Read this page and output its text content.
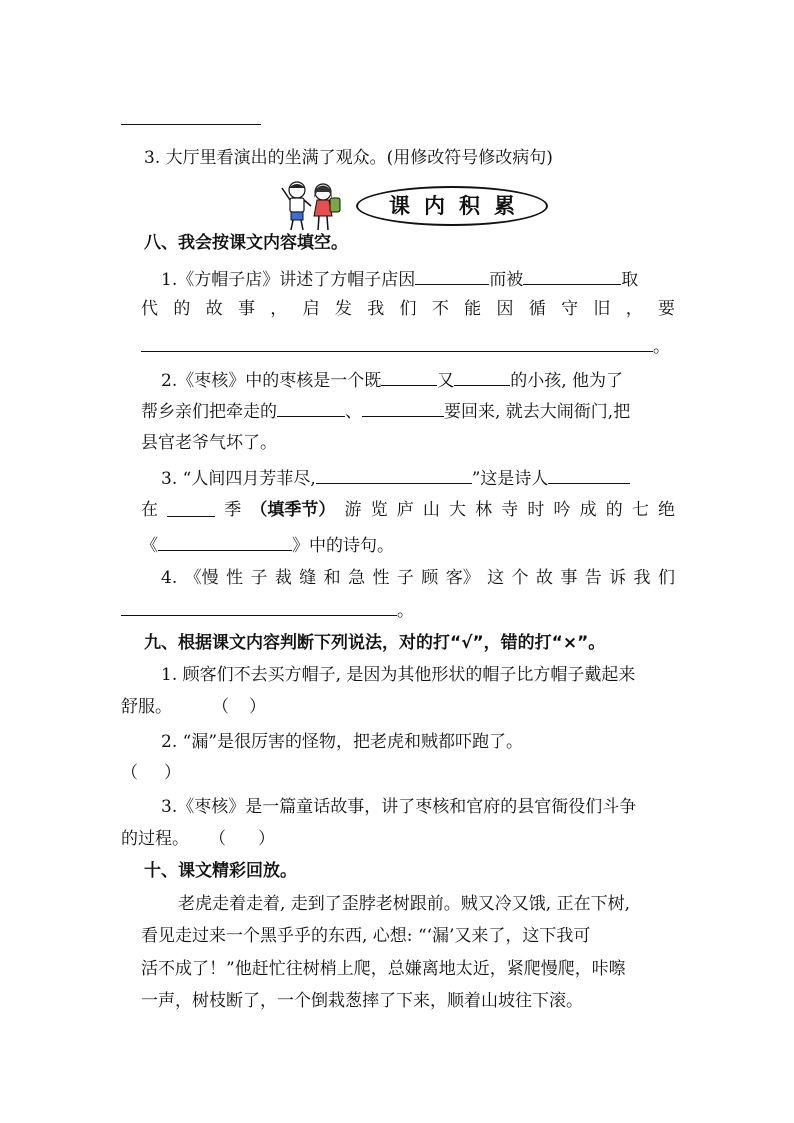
3. 大厅里看演出的坐满了观众。(用修改符号修改病句)
课内积累
八、我会按课文内容填空。
1.《方帽子店》讲述了方帽子店因	而被	取
代 的 故 事 ， 启 发 我 们 不 能 因 循 守 旧 ， 要
。
2.《枣核》中的枣核是一个既	又	的小孩, 他为了
帮乡亲们把牵走的	、	要回来, 就去大闹衙门,把
县官老爷气坏了。
3. “人间四月芳菲尽,	”这是诗人
在	季 （填季节） 游 览 庐 山 大 林 寺 时 吟 成 的 七 绝
《	》中的诗句。
4. 《慢 性 子 裁 缝 和 急 性 子 顾 客》 这 个 故 事 告 诉 我 们
。
九、根据课文内容判断下列说法，对的打“√”，错的打“×”。
1. 顾客们不去买方帽子, 是因为其他形状的帽子比方帽子戴起来
舒服。 （ ）
2. “漏”是很厉害的怪物，把老虎和贼都吓跑了。
（ ）
3.《枣核》是一篇童话故事，讲了枣核和官府的县官衙役们斗争
的过程。 （ ）
十、课文精彩回放。
老虎走着走着, 走到了歪脖老树跟前。贼又冷又饿, 正在下树,
看见走过来一个黑乎乎的东西, 心想: “‘漏’又来了，这下我可
活不成了！”他赶忙往树梢上爬，总嫌离地太近，紧爬慢爬，咔嚓
一声，树枝断了，一个倒栽葱摔了下来，顺着山坡往下滚。
